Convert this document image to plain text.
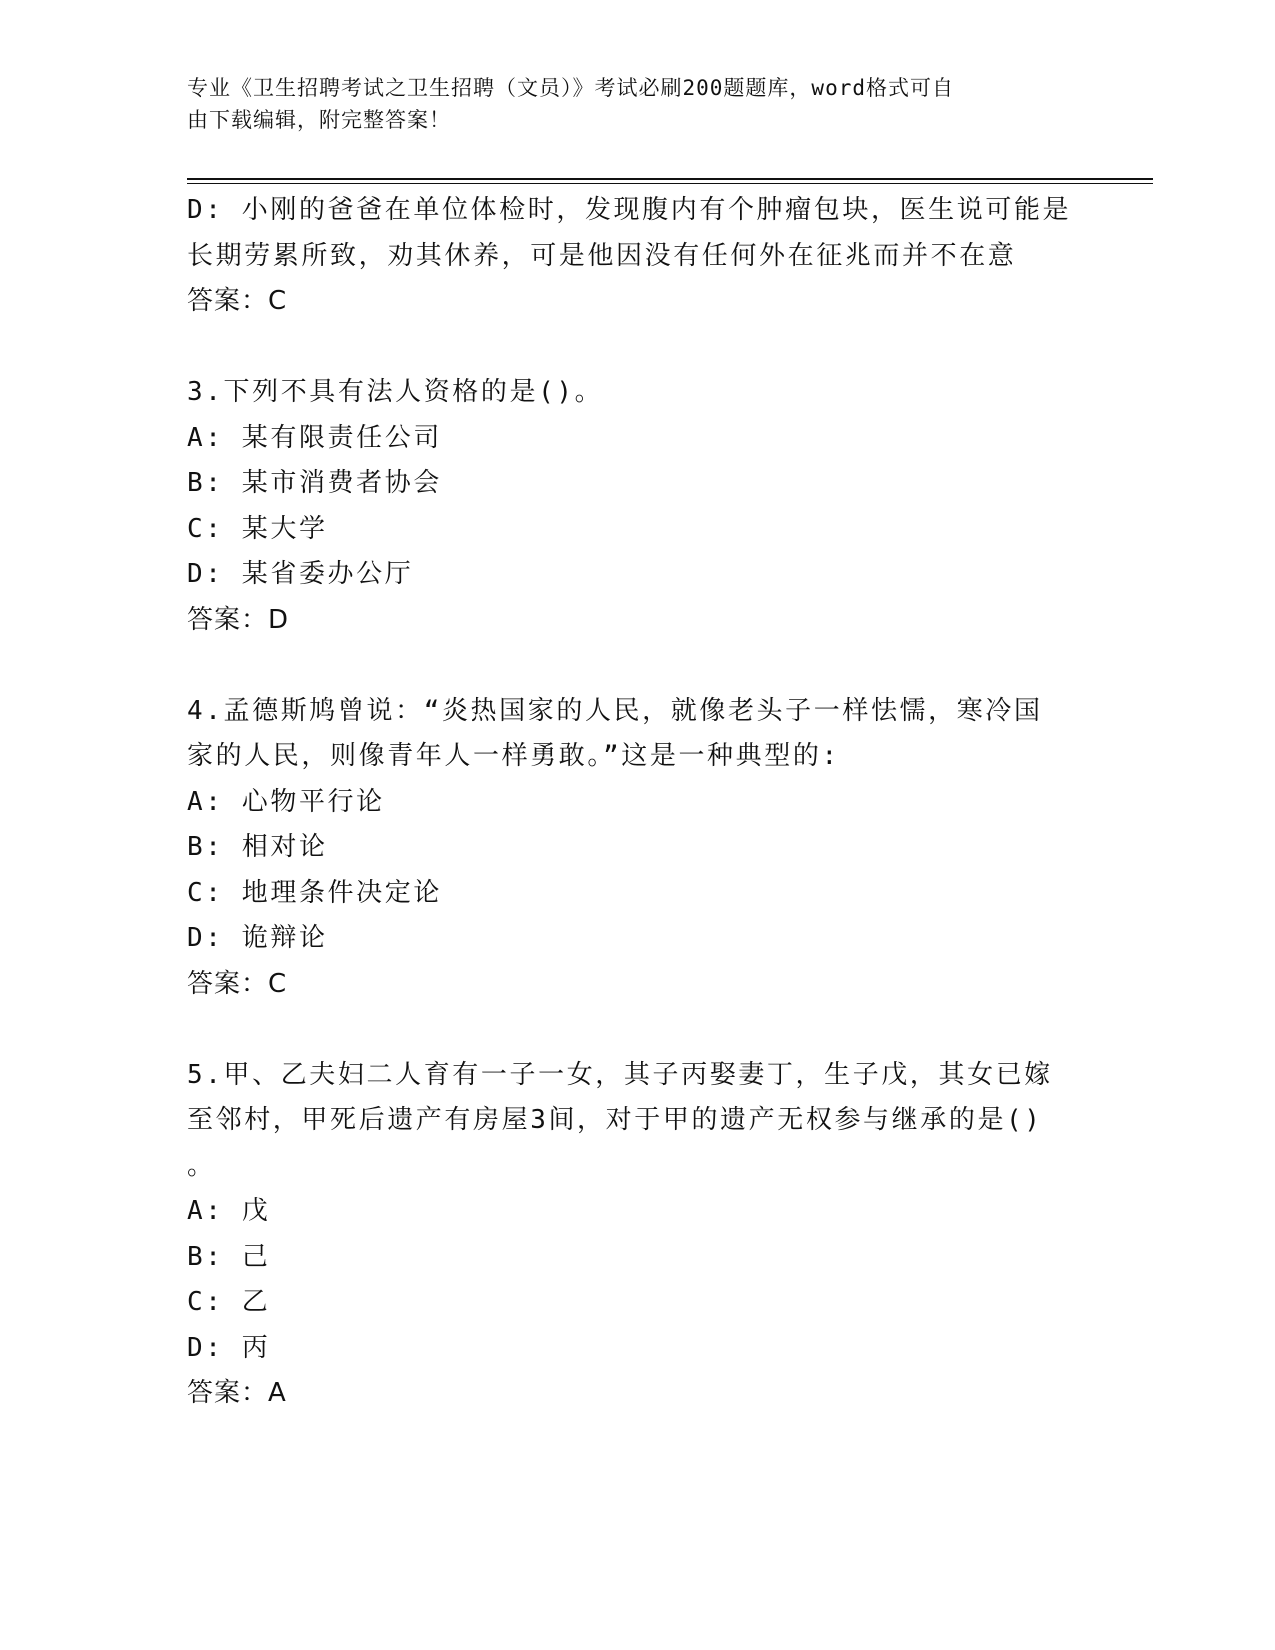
专业《卫生招聘考试之卫生招聘（文员）》考试必刷200题题库，word格式可自
由下载编辑，附完整答案！
D: 小刚的爸爸在单位体检时，发现腹内有个肿瘤包块，医生说可能是
长期劳累所致，劝其休养，可是他因没有任何外在征兆而并不在意
答案：C
3.下列不具有法人资格的是()。
A: 某有限责任公司
B: 某市消费者协会
C: 某大学
D: 某省委办公厅
答案：D
4.孟德斯鸠曾说：“炎热国家的人民，就像老头子一样怯懦，寒冷国
家的人民，则像青年人一样勇敢。”这是一种典型的:
A: 心物平行论
B: 相对论
C: 地理条件决定论
D: 诡辩论
答案：C
5.甲、乙夫妇二人育有一子一女，其子丙娶妻丁，生子戊，其女已嫁
至邻村，甲死后遗产有房屋3间，对于甲的遗产无权参与继承的是()
。
A: 戊
B: 己
C: 乙
D: 丙
答案：A
